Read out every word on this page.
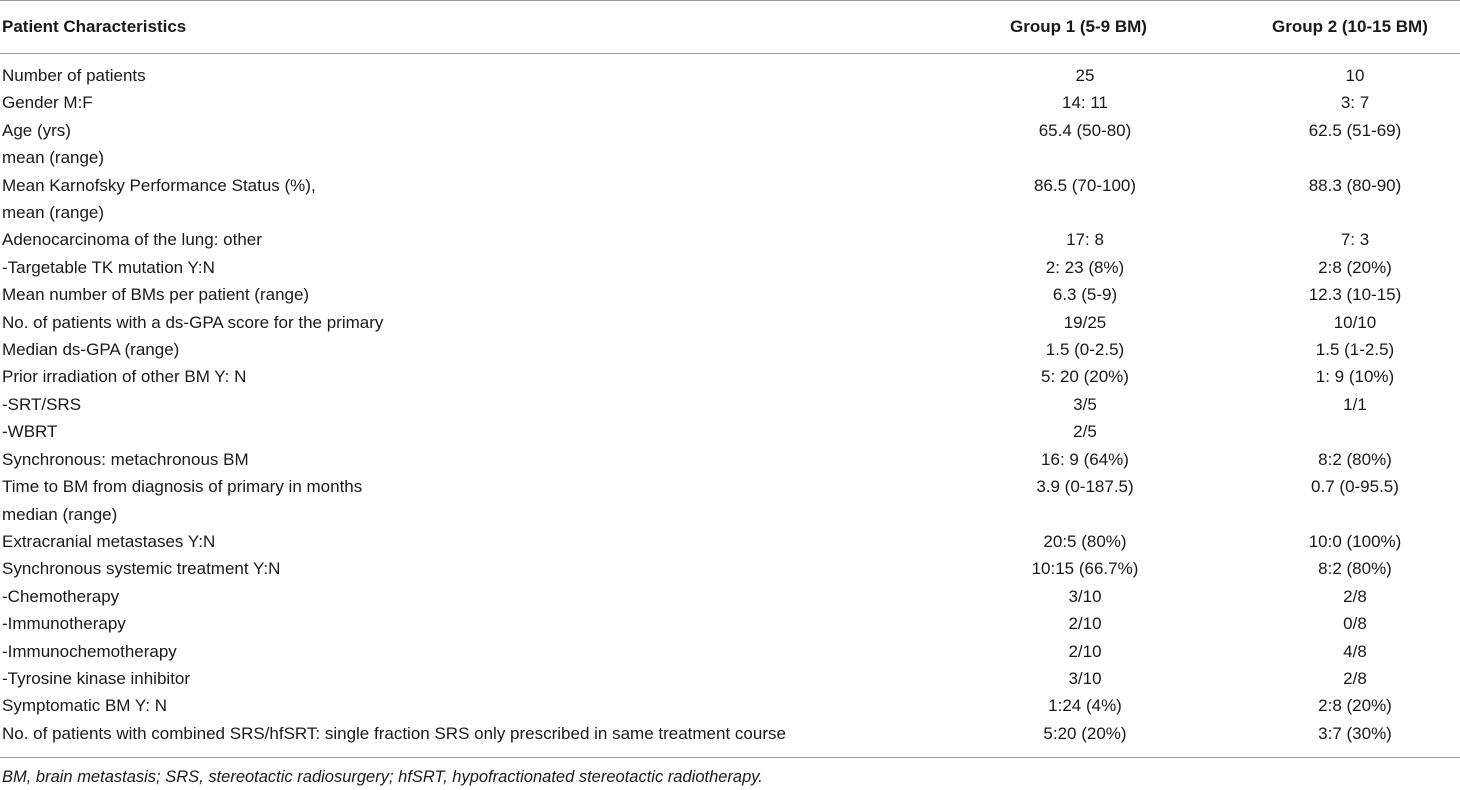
Patient Characteristics	Group 1 (5-9 BM)	Group 2 (10-15 BM)
Number of patients	25	10
Gender M:F	14: 11	3: 7
Age (yrs)
mean (range)
65.4 (50-80)	62.5 (51-69)
Mean Karnofsky Performance Status (%),
mean (range)
86.5 (70-100)	88.3 (80-90)
Adenocarcinoma of the lung: other	17: 8	7: 3
-Targetable TK mutation Y:N	2: 23 (8%)	2:8 (20%)
Mean number of BMs per patient (range)	6.3 (5-9)	12.3 (10-15)
No. of patients with a ds-GPA score for the primary	19/25	10/10
Median ds-GPA (range)	1.5 (0-2.5)	1.5 (1-2.5)
Prior irradiation of other BM Y: N	5: 20 (20%)	1: 9 (10%)
-SRT/SRS	3/5	1/1
-WBRT	2/5
Synchronous: metachronous BM	16: 9 (64%)	8:2 (80%)
Time to BM from diagnosis of primary in months
median (range)
3.9 (0-187.5)	0.7 (0-95.5)
Extracranial metastases Y:N	20:5 (80%)	10:0 (100%)
Synchronous systemic treatment Y:N	10:15 (66.7%)	8:2 (80%)
-Chemotherapy	3/10	2/8
-Immunotherapy	2/10	0/8
-Immunochemotherapy	2/10	4/8
-Tyrosine kinase inhibitor	3/10	2/8
Symptomatic BM Y: N	1:24 (4%)	2:8 (20%)
No. of patients with combined SRS/hfSRT: single fraction SRS only prescribed in same treatment course	5:20 (20%)	3:7 (30%)
BM, brain metastasis; SRS, stereotactic radiosurgery; hfSRT, hypofractionated stereotactic radiotherapy.
